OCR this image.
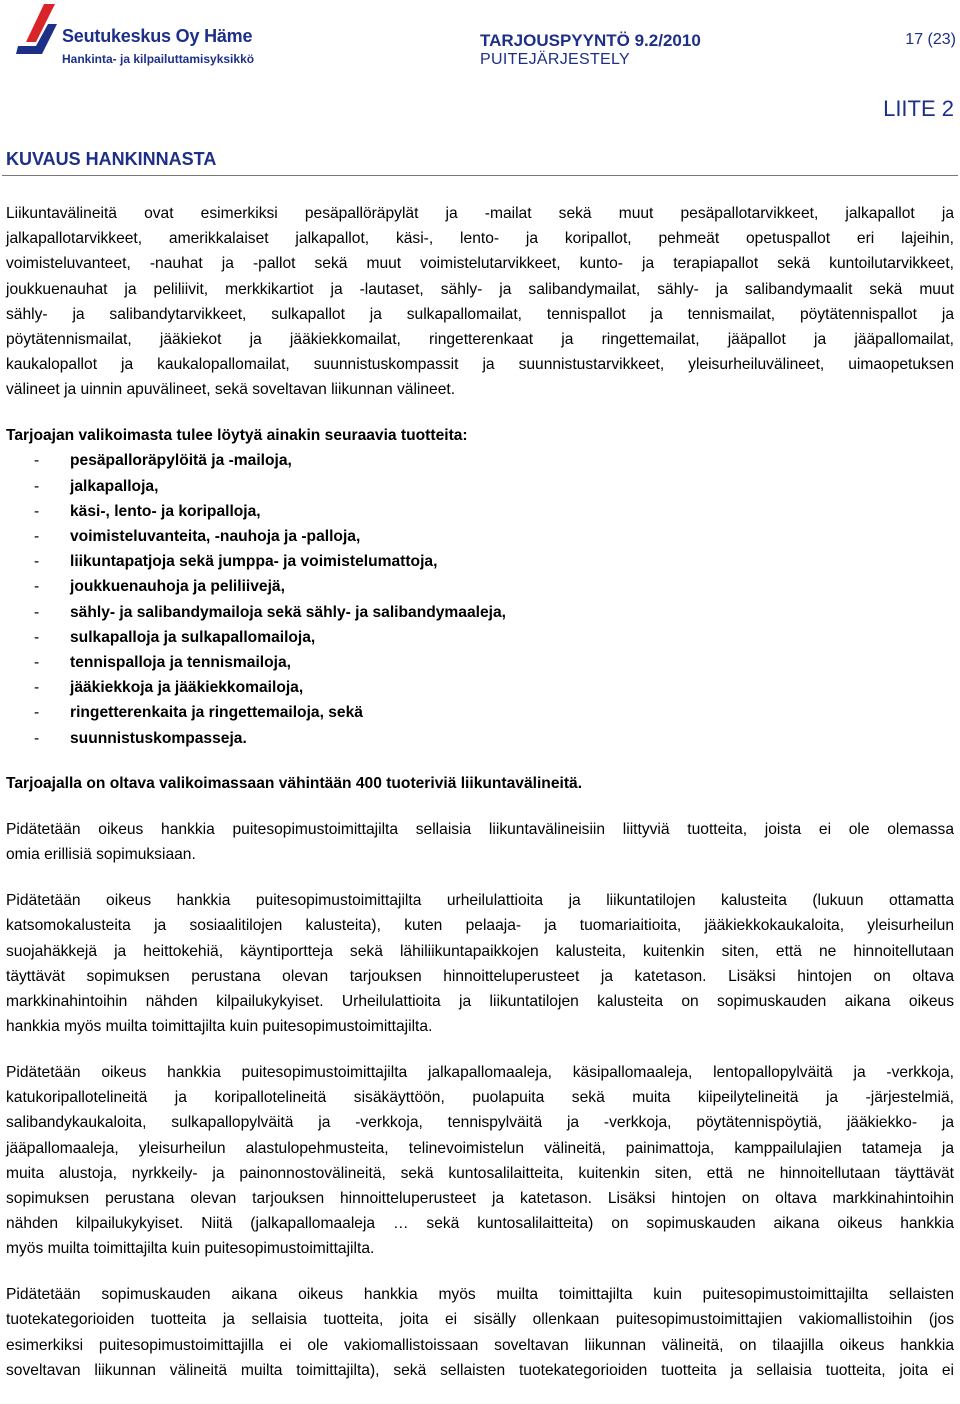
Seutukeskus Oy Häme
Hankinta- ja kilpailuttamisyksikkö
TARJOUSPYYNTÖ 9.2/2010
PUITEJÄRJESTELY
17 (23)
LIITE 2
KUVAUS HANKINNASTA

Liikuntavälineitä ovat esimerkiksi pesäpallöräpylät ja -mailat sekä muut pesäpallotarvikkeet, jalkapallot ja

jalkapallotarvikkeet, amerikkalaiset jalkapallot, käsi-, lento- ja koripallot, pehmeät opetuspallot eri lajeihin,

voimisteluvanteet, -nauhat ja -pallot sekä muut voimistelutarvikkeet, kunto- ja terapiapallot sekä kuntoilutarvikkeet,

joukkuenauhat ja peliliivit, merkkikartiot ja -lautaset, sähly- ja salibandymailat, sähly- ja salibandymaalit sekä muut

sähly- ja salibandytarvikkeet, sulkapallot ja sulkapallomailat, tennispallot ja tennismailat, pöytätennispallot ja

pöytätennismailat, jääkiekot ja jääkiekkomailat, ringetterenkaat ja ringettemailat, jääpallot ja jääpallomailat,

kaukalopallot ja kaukalopallomailat, suunnistuskompassit ja suunnistustarvikkeet, yleisurheiluvälineet, uimaopetuksen

välineet ja uinnin apuvälineet, sekä soveltavan liikunnan välineet.

Tarjoajan valikoimasta tulee löytyä ainakin seuraavia tuotteita:

- pesäpalloräpylöitä ja -mailoja,
- jalkapalloja,
- käsi-, lento- ja koripalloja,
- voimisteluvanteita, -nauhoja ja -palloja,
- liikuntapatjoja sekä jumppa- ja voimistelumattoja,
- joukkuenauhoja ja peliliivejä,
- sähly- ja salibandymailoja sekä sähly- ja salibandymaaleja,
- sulkapalloja ja sulkapallomailoja,
- tennispalloja ja tennismailoja,
- jääkiekkoja ja jääkiekkomailoja,
- ringetterenkaita ja ringettemailoja, sekä
- suunnistuskompasseja.

Tarjoajalla on oltava valikoimassaan vähintään 400 tuoteriviä liikuntavälineitä.

Pidätetään oikeus hankkia puitesopimustoimittajilta sellaisia liikuntavälineisiin liittyviä tuotteita, joista ei ole olemassa

omia erillisiä sopimuksiaan.

Pidätetään oikeus hankkia puitesopimustoimittajilta urheilulattioita ja liikuntatilojen kalusteita (lukuun ottamatta

katsomokalusteita ja sosiaalitilojen kalusteita), kuten pelaaja- ja tuomariaitioita, jääkiekkokaukaloita, yleisurheilun

suojahäkkejä ja heittokehiä, käyntiportteja sekä lähiliikuntapaikkojen kalusteita, kuitenkin siten, että ne hinnoitellutaan

täyttävät sopimuksen perustana olevan tarjouksen hinnoitteluperusteet ja katetason. Lisäksi hintojen on oltava

markkinahintoihin nähden kilpailukykyiset. Urheilulattioita ja liikuntatilojen kalusteita on sopimuskauden aikana oikeus

hankkia myös muilta toimittajilta kuin puitesopimustoimittajilta.

Pidätetään oikeus hankkia puitesopimustoimittajilta jalkapallomaaleja, käsipallomaaleja, lentopallopylväitä ja -verkkoja,

katukoripallotelineitä ja koripallotelineitä sisäkäyttöön, puolapuita sekä muita kiipeilytelineitä ja -järjestelmiä,

salibandykaukaloita, sulkapallopylväitä ja -verkkoja, tennispylväitä ja -verkkoja, pöytätennispöytiä, jääkiekko- ja

jääpallomaaleja, yleisurheilun alastulopehmusteita, telinevoimistelun välineitä, painimattoja, kamppailulajien tatameja ja

muita alustoja, nyrkkeily- ja painonnostovälineitä, sekä kuntosalilaitteita, kuitenkin siten, että ne hinnoitellutaan täyttävät

sopimuksen perustana olevan tarjouksen hinnoitteluperusteet ja katetason. Lisäksi hintojen on oltava markkinahintoihin

nähden kilpailukykyiset. Niitä (jalkapallomaaleja … sekä kuntosalilaitteita) on sopimuskauden aikana oikeus hankkia

myös muilta toimittajilta kuin puitesopimustoimittajilta.

Pidätetään sopimuskauden aikana oikeus hankkia myös muilta toimittajilta kuin puitesopimustoimittajilta sellaisten

tuotekategorioiden tuotteita ja sellaisia tuotteita, joita ei sisälly ollenkaan puitesopimustoimittajien vakiomallistoihin (jos

esimerkiksi puitesopimustoimittajilla ei ole vakiomallistoissaan soveltavan liikunnan välineitä, on tilaajilla oikeus hankkia

soveltavan liikunnan välineitä muilta toimittajilta), sekä sellaisten tuotekategorioiden tuotteita ja sellaisia tuotteita, joita ei
